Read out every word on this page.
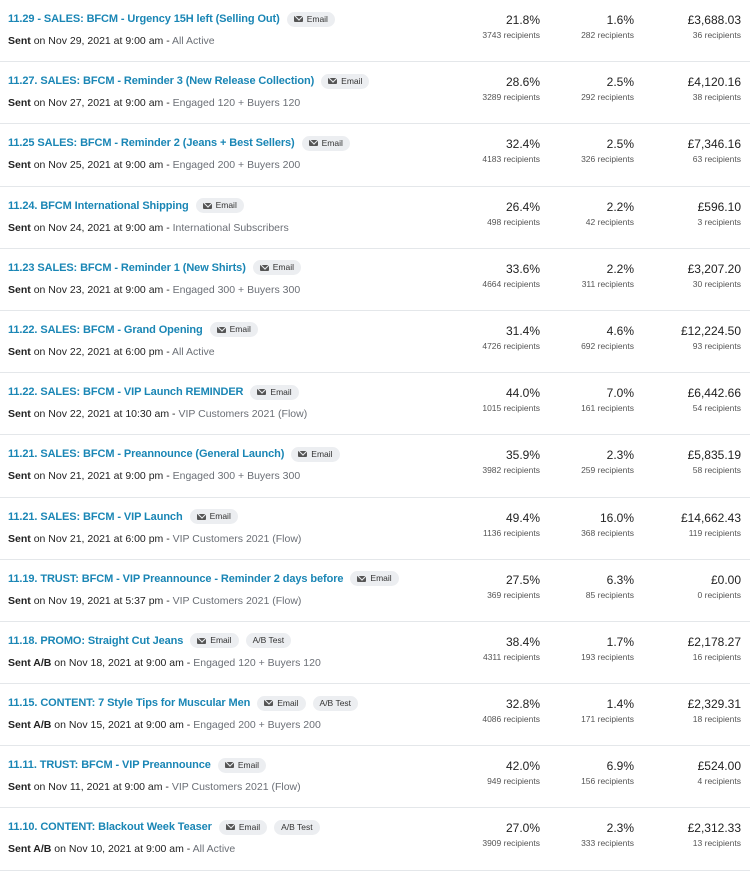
11.29 - SALES: BFCM - Urgency 15H left (Selling Out)	Email
Sent on Nov 29, 2021 at 9:00 am - All Active
21.8%
3743 recipients
1.6%
282 recipients
£3,688.03
36 recipients
11.27. SALES: BFCM - Reminder 3 (New Release Collection)	Email
Sent on Nov 27, 2021 at 9:00 am - Engaged 120 + Buyers 120
28.6%
3289 recipients
2.5%
292 recipients
£4,120.16
38 recipients
11.25 SALES: BFCM - Reminder 2 (Jeans + Best Sellers)	Email
Sent on Nov 25, 2021 at 9:00 am - Engaged 200 + Buyers 200
32.4%
4183 recipients
2.5%
326 recipients
£7,346.16
63 recipients
11.24. BFCM International Shipping	Email
Sent on Nov 24, 2021 at 9:00 am - International Subscribers
26.4%
498 recipients
2.2%
42 recipients
£596.10
3 recipients
11.23 SALES: BFCM - Reminder 1 (New Shirts)	Email
Sent on Nov 23, 2021 at 9:00 am - Engaged 300 + Buyers 300
33.6%
4664 recipients
2.2%
311 recipients
£3,207.20
30 recipients
11.22. SALES: BFCM - Grand Opening	Email
Sent on Nov 22, 2021 at 6:00 pm - All Active
31.4%
4726 recipients
4.6%
692 recipients
£12,224.50
93 recipients
11.22. SALES: BFCM - VIP Launch REMINDER	Email
Sent on Nov 22, 2021 at 10:30 am - VIP Customers 2021 (Flow)
44.0%
1015 recipients
7.0%
161 recipients
£6,442.66
54 recipients
11.21. SALES: BFCM - Preannounce (General Launch)	Email
Sent on Nov 21, 2021 at 9:00 pm - Engaged 300 + Buyers 300
35.9%
3982 recipients
2.3%
259 recipients
£5,835.19
58 recipients
11.21. SALES: BFCM - VIP Launch	Email
Sent on Nov 21, 2021 at 6:00 pm - VIP Customers 2021 (Flow)
49.4%
1136 recipients
16.0%
368 recipients
£14,662.43
119 recipients
11.19. TRUST: BFCM - VIP Preannounce - Reminder 2 days before	Email
Sent on Nov 19, 2021 at 5:37 pm - VIP Customers 2021 (Flow)
27.5%
369 recipients
6.3%
85 recipients
£0.00
0 recipients
11.18. PROMO: Straight Cut Jeans	Email A/B Test
Sent A/B on Nov 18, 2021 at 9:00 am - Engaged 120 + Buyers 120
38.4%
4311 recipients
1.7%
193 recipients
£2,178.27
16 recipients
11.15. CONTENT: 7 Style Tips for Muscular Men	Email A/B Test
Sent A/B on Nov 15, 2021 at 9:00 am - Engaged 200 + Buyers 200
32.8%
4086 recipients
1.4%
171 recipients
£2,329.31
18 recipients
11.11. TRUST: BFCM - VIP Preannounce	Email
Sent on Nov 11, 2021 at 9:00 am - VIP Customers 2021 (Flow)
42.0%
949 recipients
6.9%
156 recipients
£524.00
4 recipients
11.10. CONTENT: Blackout Week Teaser	Email A/B Test
Sent A/B on Nov 10, 2021 at 9:00 am - All Active
27.0%
3909 recipients
2.3%
333 recipients
£2,312.33
13 recipients
